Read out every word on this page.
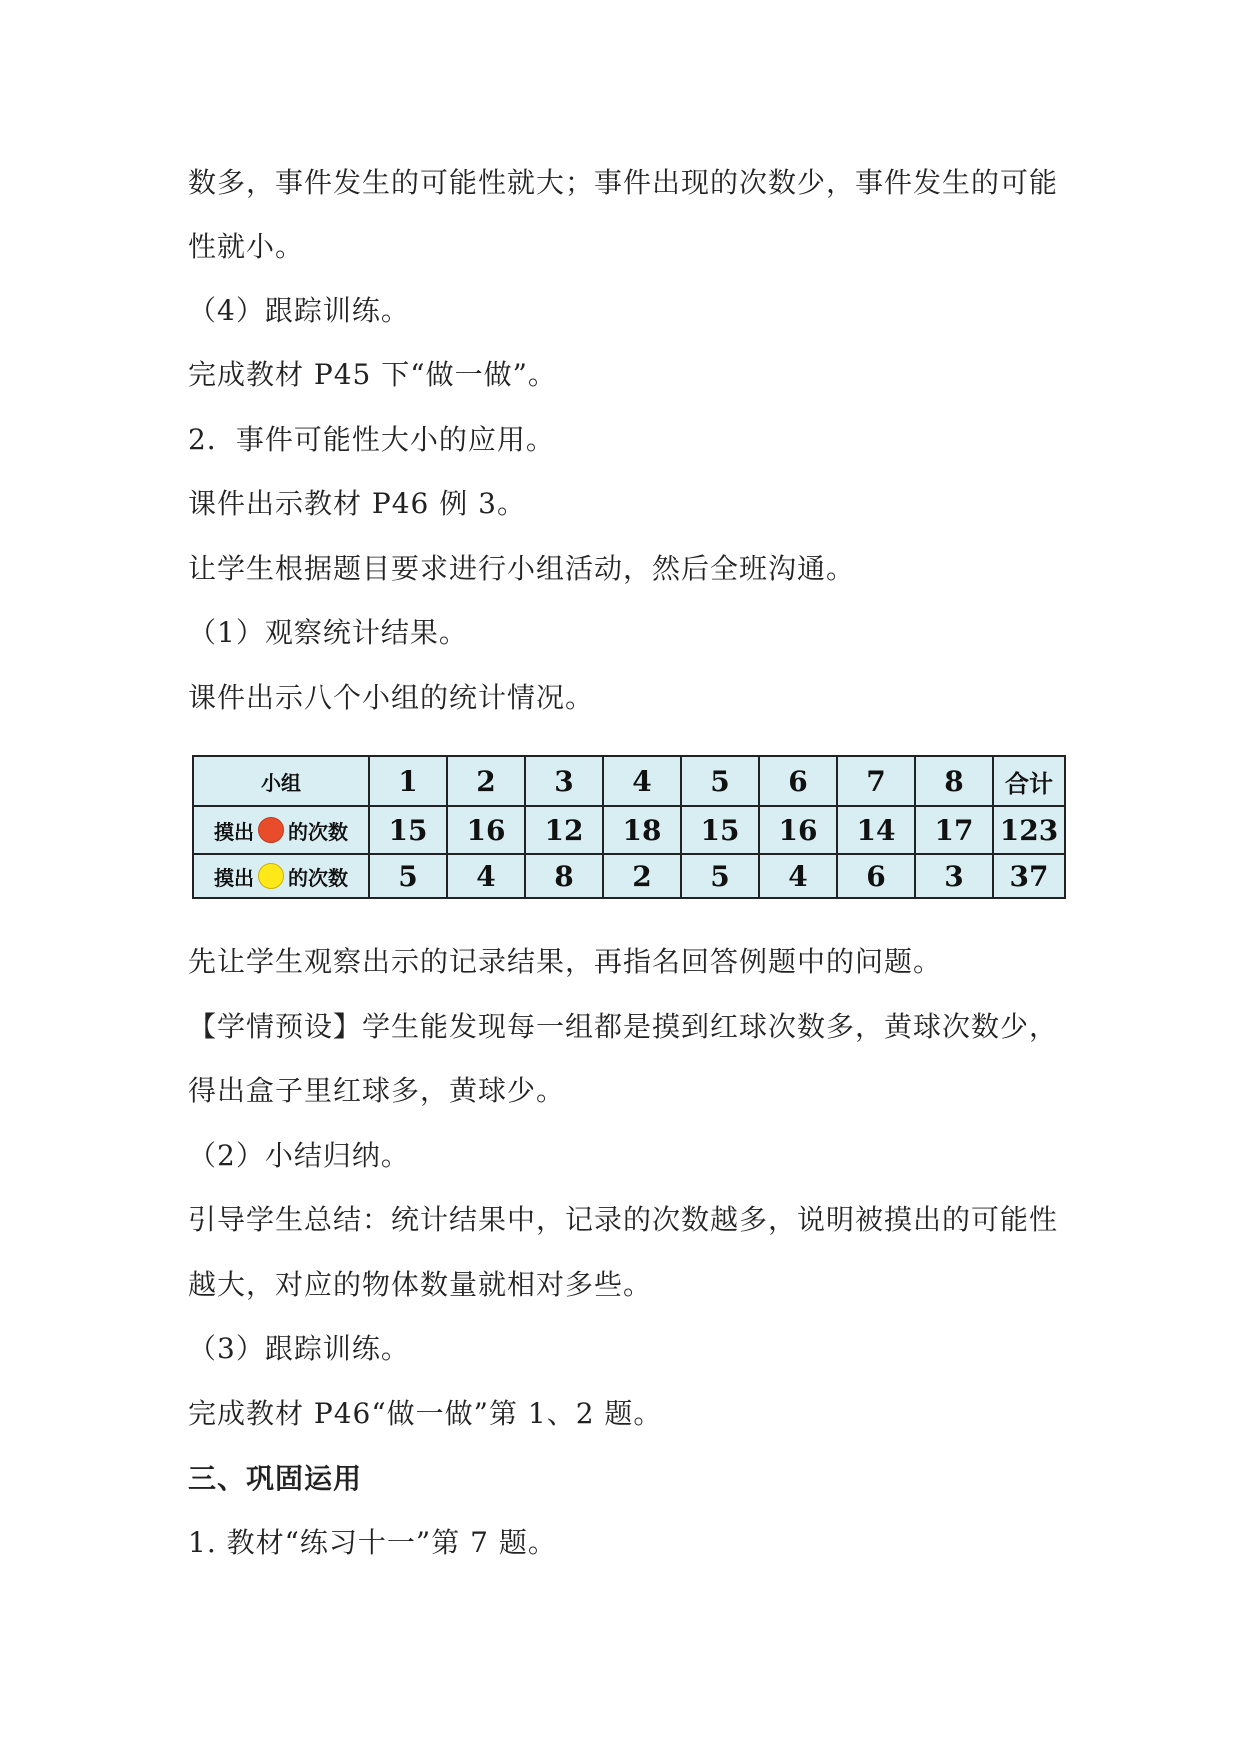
数多，事件发生的可能性就大；事件出现的次数少，事件发生的可能
性就小。
（4）跟踪训练。
完成教材 P45 下“做一做”。
2．事件可能性大小的应用。
课件出示教材 P46 例 3。
让学生根据题目要求进行小组活动，然后全班沟通。
（1）观察统计结果。
课件出示八个小组的统计情况。
小组	1	2	3	4	5	6	7	8	合计

摸出 的次数	15	16	12	18	15	16	14	17	123

摸出 的次数	5	4	8	2	5	4	6	3	37
先让学生观察出示的记录结果，再指名回答例题中的问题。
【学情预设】学生能发现每一组都是摸到红球次数多，黄球次数少，
得出盒子里红球多，黄球少。
（2）小结归纳。
引导学生总结：统计结果中，记录的次数越多，说明被摸出的可能性
越大，对应的物体数量就相对多些。
（3）跟踪训练。
完成教材 P46“做一做”第 1、2 题。
三、巩固运用
1. 教材“练习十一”第 7 题。
